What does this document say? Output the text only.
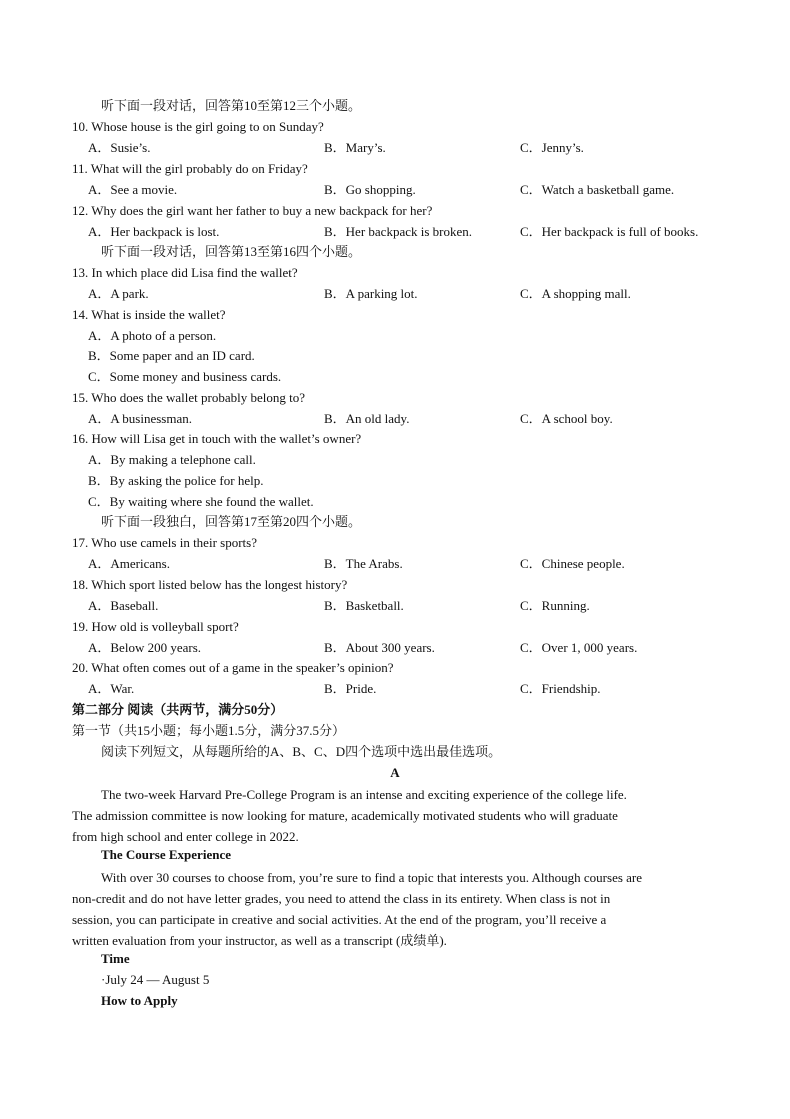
听下面一段对话，回答第10至第12三个小题。
10. Whose house is the girl going to on Sunday?
A．Susie’s.	B．Mary’s.	C．Jenny’s.
11. What will the girl probably do on Friday?
A．See a movie.	B．Go shopping.	C．Watch a basketball game.
12. Why does the girl want her father to buy a new backpack for her?
A．Her backpack is lost.	B．Her backpack is broken.	C．Her backpack is full of books.
听下面一段对话，回答第13至第16四个小题。
13. In which place did Lisa find the wallet?
A．A park.	B．A parking lot.	C．A shopping mall.
14. What is inside the wallet?
A．A photo of a person.
B．Some paper and an ID card.
C．Some money and business cards.
15. Who does the wallet probably belong to?
A．A businessman.	B．An old lady.	C．A school boy.
16. How will Lisa get in touch with the wallet’s owner?
A．By making a telephone call.
B．By asking the police for help.
C．By waiting where she found the wallet.
听下面一段独白，回答第17至第20四个小题。
17. Who use camels in their sports?
A．Americans.	B．The Arabs.	C．Chinese people.
18. Which sport listed below has the longest history?
A．Baseball.	B．Basketball.	C．Running.
19. How old is volleyball sport?
A．Below 200 years.	B．About 300 years.	C．Over 1, 000 years.
20. What often comes out of a game in the speaker’s opinion?
A．War.	B．Pride.	C．Friendship.
第二部分 阅读（共两节，满分50分）
第一节（共15小题；每小题1.5分，满分37.5分）
阅读下列短文，从每题所给的A、B、C、D四个选项中选出最佳选项。
A
The two-week Harvard Pre-College Program is an intense and exciting experience of the college life.
The admission committee is now looking for mature, academically motivated students who will graduate
from high school and enter college in 2022.
The Course Experience
With over 30 courses to choose from, you’re sure to find a topic that interests you. Although courses are
non-credit and do not have letter grades, you need to attend the class in its entirety. When class is not in
session, you can participate in creative and social activities. At the end of the program, you’ll receive a
written evaluation from your instructor, as well as a transcript (成绩单).
Time
·July 24 — August 5
How to Apply
